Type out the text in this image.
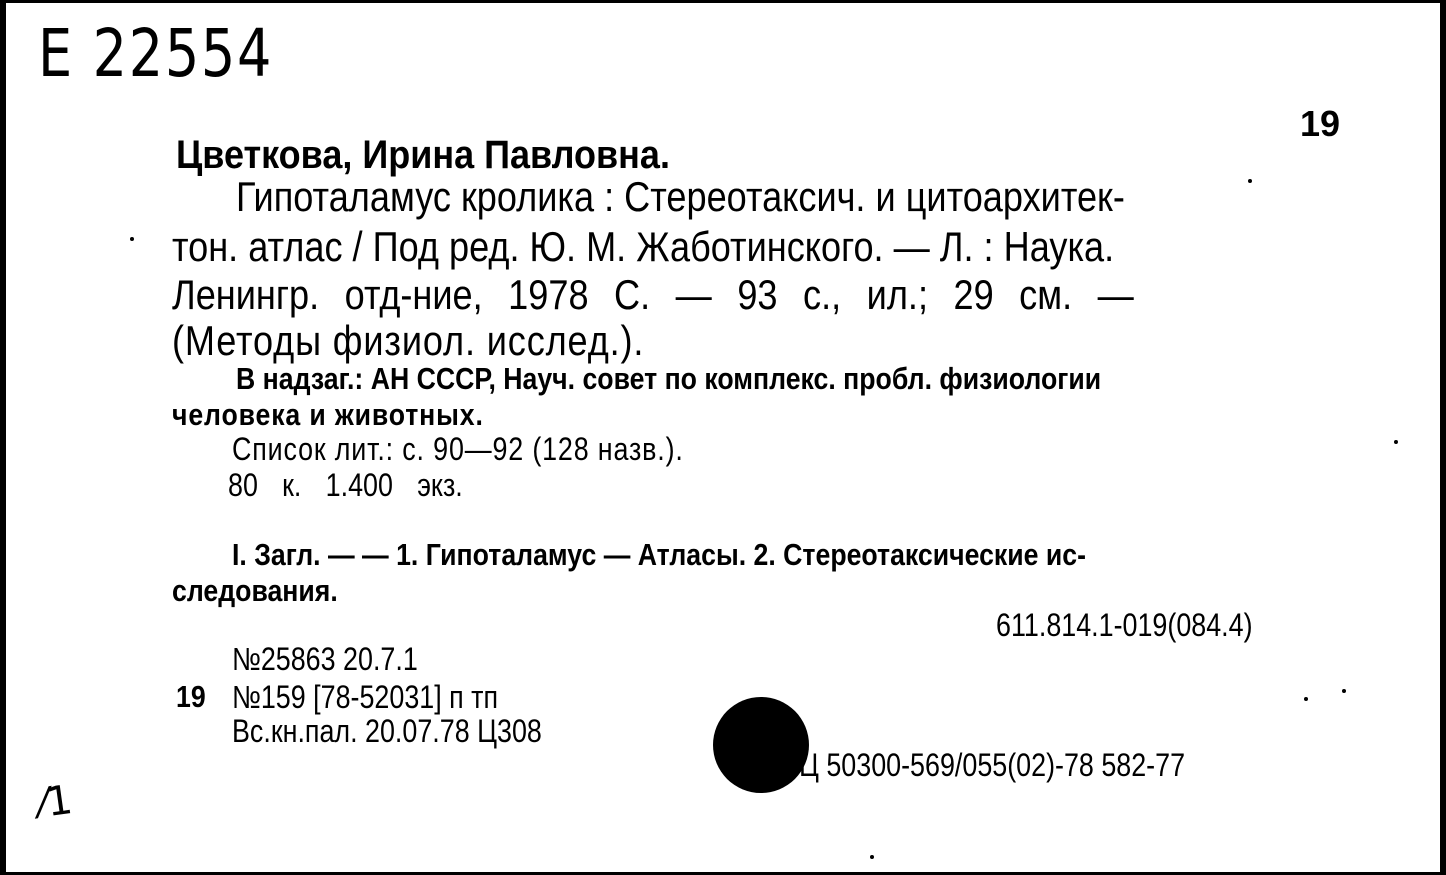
E 22554
19
Цветкова, Ирина Павловна.
Гипоталамус кролика : Стереотаксич. и цитоархитек-
тон. атлас / Под ред. Ю. М. Жаботинского. — Л. : Наука.
Ленингр. отд-ние, 1978 С. — 93 с., ил.; 29 см. —
(Методы физиол. исслед.).
В надзаг.: АН СССР, Науч. совет по комплекс. пробл. физиологии
человека и животных.
Список лит.: с. 90—92 (128 назв.).
80 к. 1.400 экз.
I. Загл. — — 1. Гипоталамус — Атласы. 2. Стереотаксические ис-
следования.
611.814.1-019(084.4)
№25863 20.7.1
19 №159 [78-52031] п тп
Вс.кн.пал. 20.07.78 Ц308
Ц 50300-569/055(02)-78 582-77
⁄1
